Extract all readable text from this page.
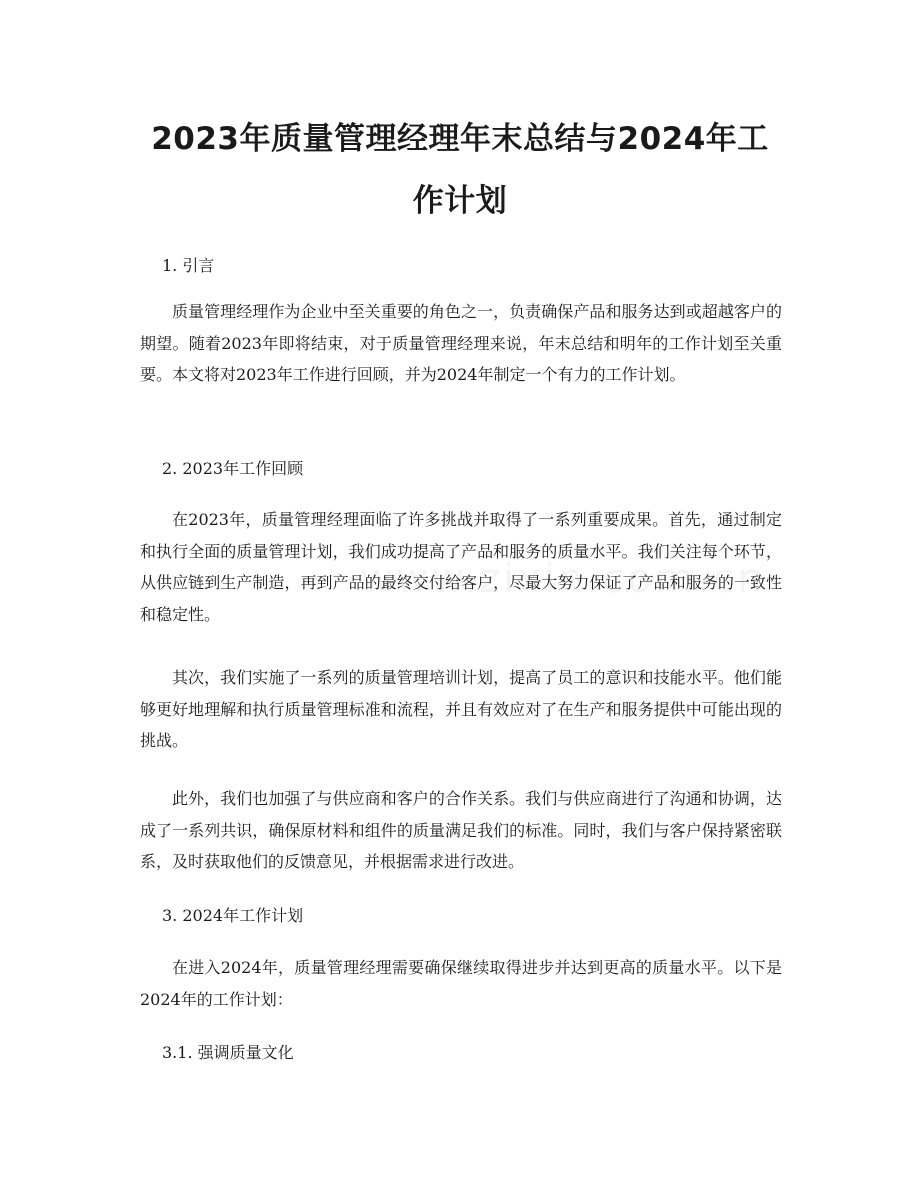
2023年质量管理经理年末总结与2024年工作计划

1. 引言

质量管理经理作为企业中至关重要的角色之一，负责确保产品和服务达到或超越客户的期望。随着2023年即将结束，对于质量管理经理来说，年末总结和明年的工作计划至关重要。本文将对2023年工作进行回顾，并为2024年制定一个有力的工作计划。

2. 2023年工作回顾

在2023年，质量管理经理面临了许多挑战并取得了一系列重要成果。首先，通过制定和执行全面的质量管理计划，我们成功提高了产品和服务的质量水平。我们关注每个环节，从供应链到生产制造，再到产品的最终交付给客户，尽最大努力保证了产品和服务的一致性和稳定性。

其次，我们实施了一系列的质量管理培训计划，提高了员工的意识和技能水平。他们能够更好地理解和执行质量管理标准和流程，并且有效应对了在生产和服务提供中可能出现的挑战。

此外，我们也加强了与供应商和客户的合作关系。我们与供应商进行了沟通和协调，达成了一系列共识，确保原材料和组件的质量满足我们的标准。同时，我们与客户保持紧密联系，及时获取他们的反馈意见，并根据需求进行改进。

3. 2024年工作计划

在进入2024年，质量管理经理需要确保继续取得进步并达到更高的质量水平。以下是2024年的工作计划：

3.1. 强调质量文化
